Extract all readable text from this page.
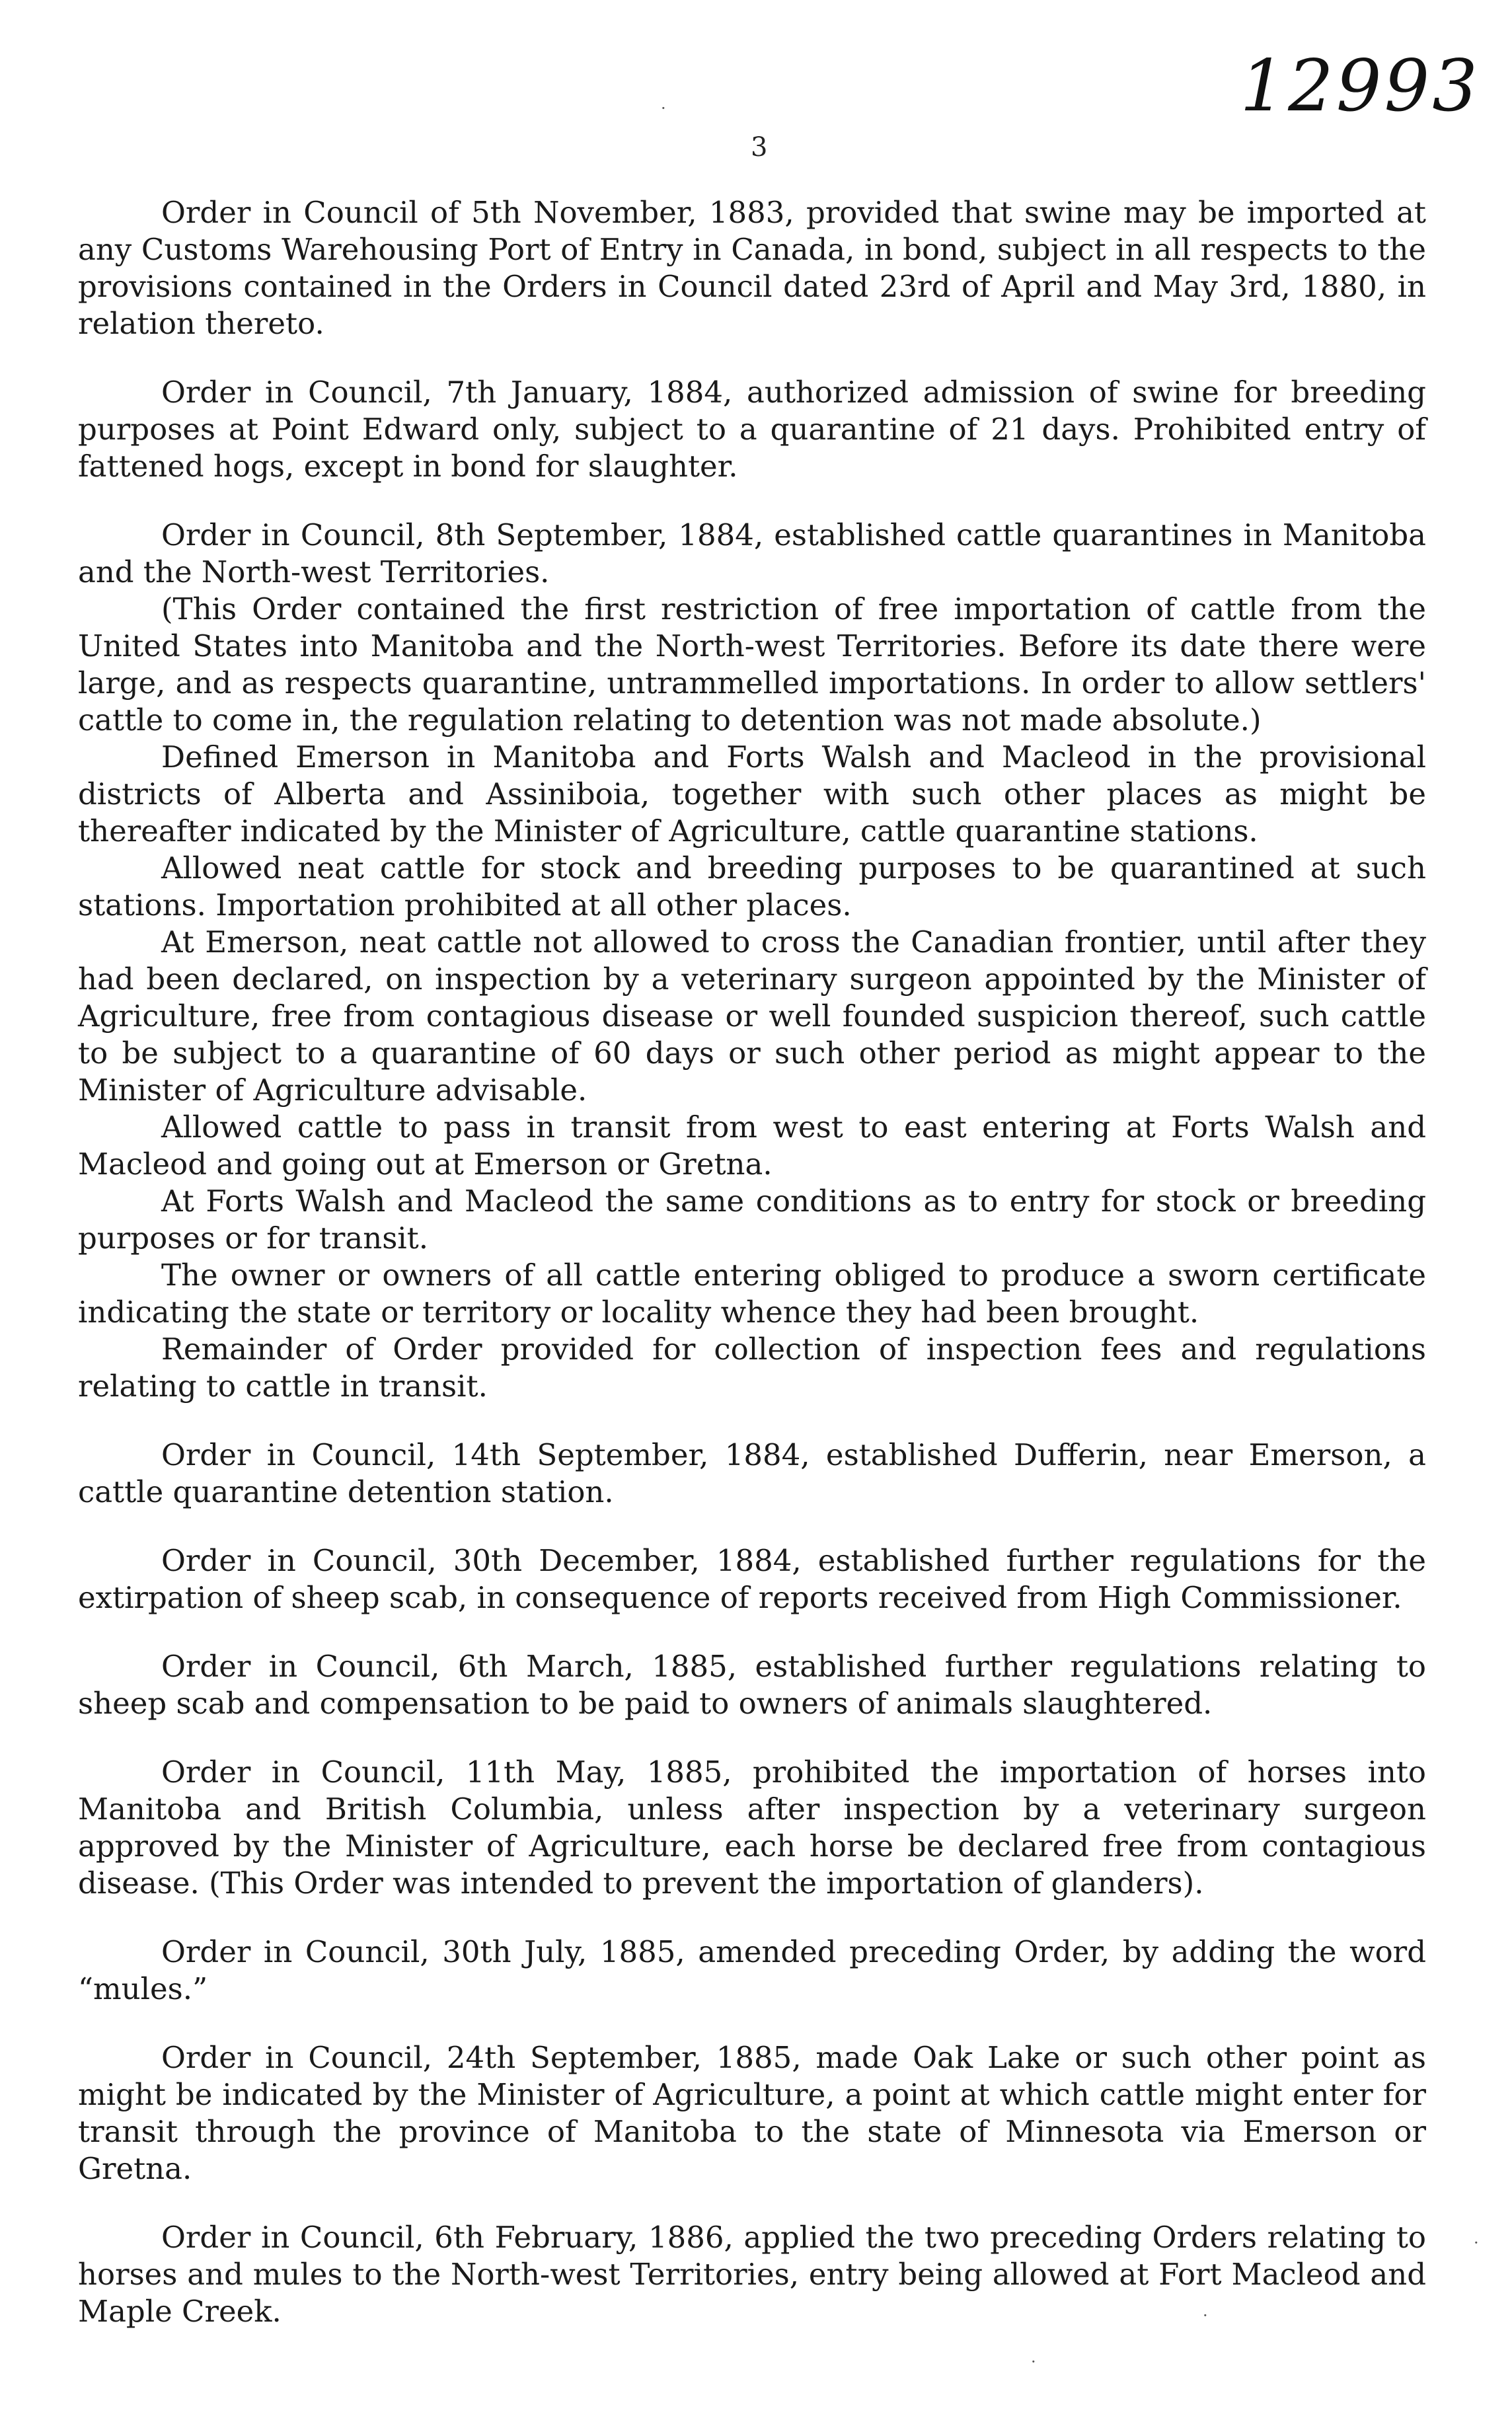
12993
3

Order in Council of 5th November, 1883, provided that swine may be imported at any Customs Warehousing Port of Entry in Canada, in bond, subject in all respects to the provisions contained in the Orders in Council dated 23rd of April and May 3rd, 1880, in relation thereto.

Order in Council, 7th January, 1884, authorized admission of swine for breeding purposes at Point Edward only, subject to a quarantine of 21 days. Prohibited entry of fattened hogs, except in bond for slaughter.

Order in Council, 8th September, 1884, established cattle quarantines in Manitoba and the North-west Territories.

(This Order contained the first restriction of free importation of cattle from the United States into Manitoba and the North-west Territories. Before its date there were large, and as respects quarantine, untrammelled importations. In order to allow settlers' cattle to come in, the regulation relating to detention was not made absolute.)

Defined Emerson in Manitoba and Forts Walsh and Macleod in the provisional districts of Alberta and Assiniboia, together with such other places as might be thereafter indicated by the Minister of Agriculture, cattle quarantine stations.

Allowed neat cattle for stock and breeding purposes to be quarantined at such stations. Importation prohibited at all other places.

At Emerson, neat cattle not allowed to cross the Canadian frontier, until after they had been declared, on inspection by a veterinary surgeon appointed by the Minister of Agriculture, free from contagious disease or well founded suspicion thereof, such cattle to be subject to a quarantine of 60 days or such other period as might appear to the Minister of Agriculture advisable.

Allowed cattle to pass in transit from west to east entering at Forts Walsh and Macleod and going out at Emerson or Gretna.

At Forts Walsh and Macleod the same conditions as to entry for stock or breeding purposes or for transit.

The owner or owners of all cattle entering obliged to produce a sworn certificate indicating the state or territory or locality whence they had been brought.

Remainder of Order provided for collection of inspection fees and regulations relating to cattle in transit.

Order in Council, 14th September, 1884, established Dufferin, near Emerson, a cattle quarantine detention station.

Order in Council, 30th December, 1884, established further regulations for the extirpation of sheep scab, in consequence of reports received from High Commissioner.

Order in Council, 6th March, 1885, established further regulations relating to sheep scab and compensation to be paid to owners of animals slaughtered.

Order in Council, 11th May, 1885, prohibited the importation of horses into Manitoba and British Columbia, unless after inspection by a veterinary surgeon approved by the Minister of Agriculture, each horse be declared free from contagious disease. (This Order was intended to prevent the importation of glanders).

Order in Council, 30th July, 1885, amended preceding Order, by adding the word “mules.”

Order in Council, 24th September, 1885, made Oak Lake or such other point as might be indicated by the Minister of Agriculture, a point at which cattle might enter for transit through the province of Manitoba to the state of Minnesota via Emerson or Gretna.

Order in Council, 6th February, 1886, applied the two preceding Orders relating to horses and mules to the North-west Territories, entry being allowed at Fort Macleod and Maple Creek.

·
·
·
·
